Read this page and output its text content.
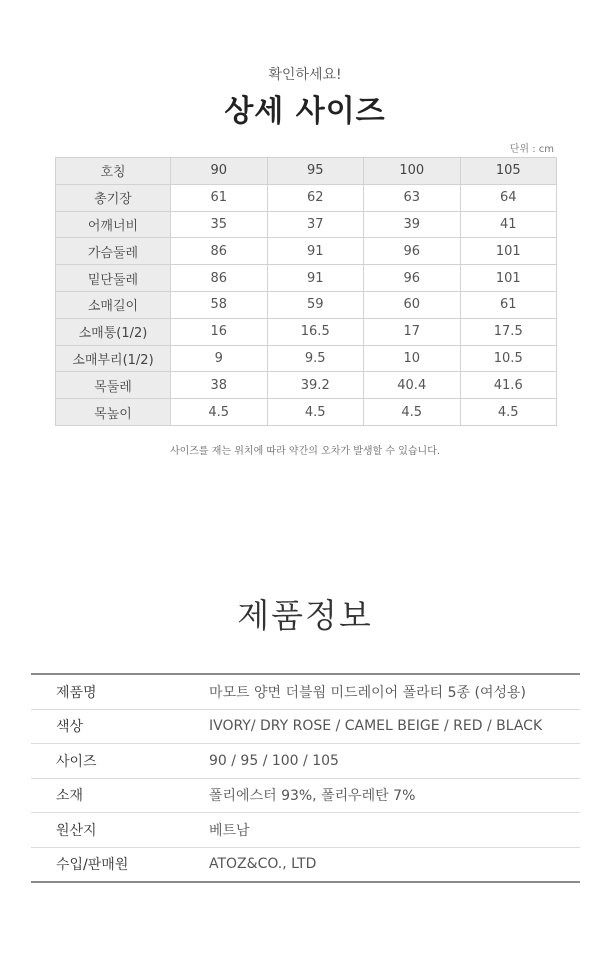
확인하세요!
상세 사이즈
단위 : cm
호칭	90	95	100	105
총기장	61	62	63	64
어깨너비	35	37	39	41
가슴둘레	86	91	96	101
밑단둘레	86	91	96	101
소매길이	58	59	60	61
소매통(1/2)	16	16.5	17	17.5
소매부리(1/2)	9	9.5	10	10.5
목둘레	38	39.2	40.4	41.6
목높이	4.5	4.5	4.5	4.5
사이즈를 재는 위치에 따라 약간의 오차가 발생할 수 있습니다.
제품정보
제품명	마모트 양면 더블웜 미드레이어 폴라티 5종 (여성용)
색상	IVORY/ DRY ROSE / CAMEL BEIGE / RED / BLACK
사이즈	90 / 95 / 100 / 105
소재	폴리에스터 93%, 폴리우레탄 7%
원산지	베트남
수입/판매원	ATOZ&CO., LTD
